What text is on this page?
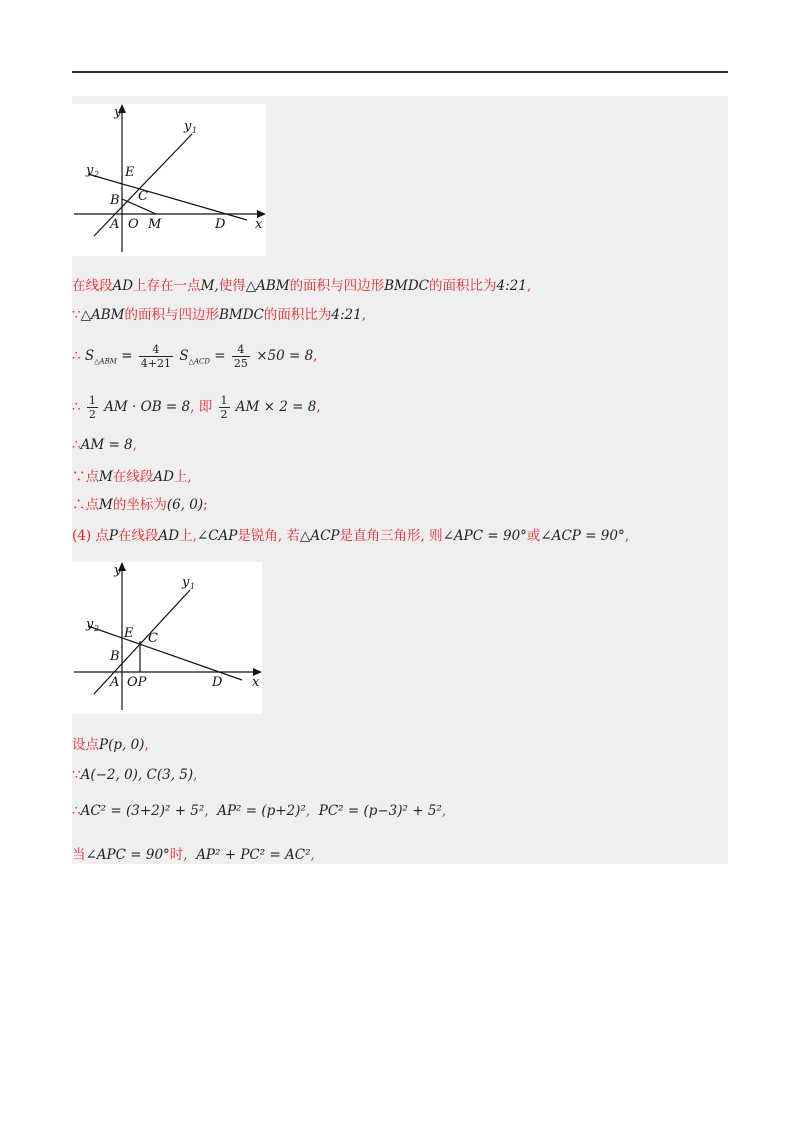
y
y 1
y 2 E
B C
A O M	D x
在线段AD上存在一点M,使得△ABM的面积与四边形BMDC的面积比为4:21,
∵△ABM的面积与四边形BMDC的面积比为4:21,
∴ $S_{\triangle ABM} = \frac{4}{4+21} S_{\triangle ACD} = \frac{4}{25} \times 50 = 8$,
∴ $\frac{1}{2}$ AM · OB = 8, 即 $\frac{1}{2}$ AM × 2 = 8,
∴AM = 8,
∵点M在线段AD上,
∴点M的坐标为(6, 0);
(4) 点P在线段AD上,∠CAP是锐角, 若△ACP是直角三角形, 则∠APC = 90°或∠ACP = 90°,
y
y 1
y 2 E C
B
A OP	D x
设点P(p, 0),
∵A(−2, 0), C(3, 5),
∴AC² = (3+2)² + 5², AP² = (p+2)², PC² = (p−3)² + 5²,
当∠APC = 90°时, AP² + PC² = AC²,
